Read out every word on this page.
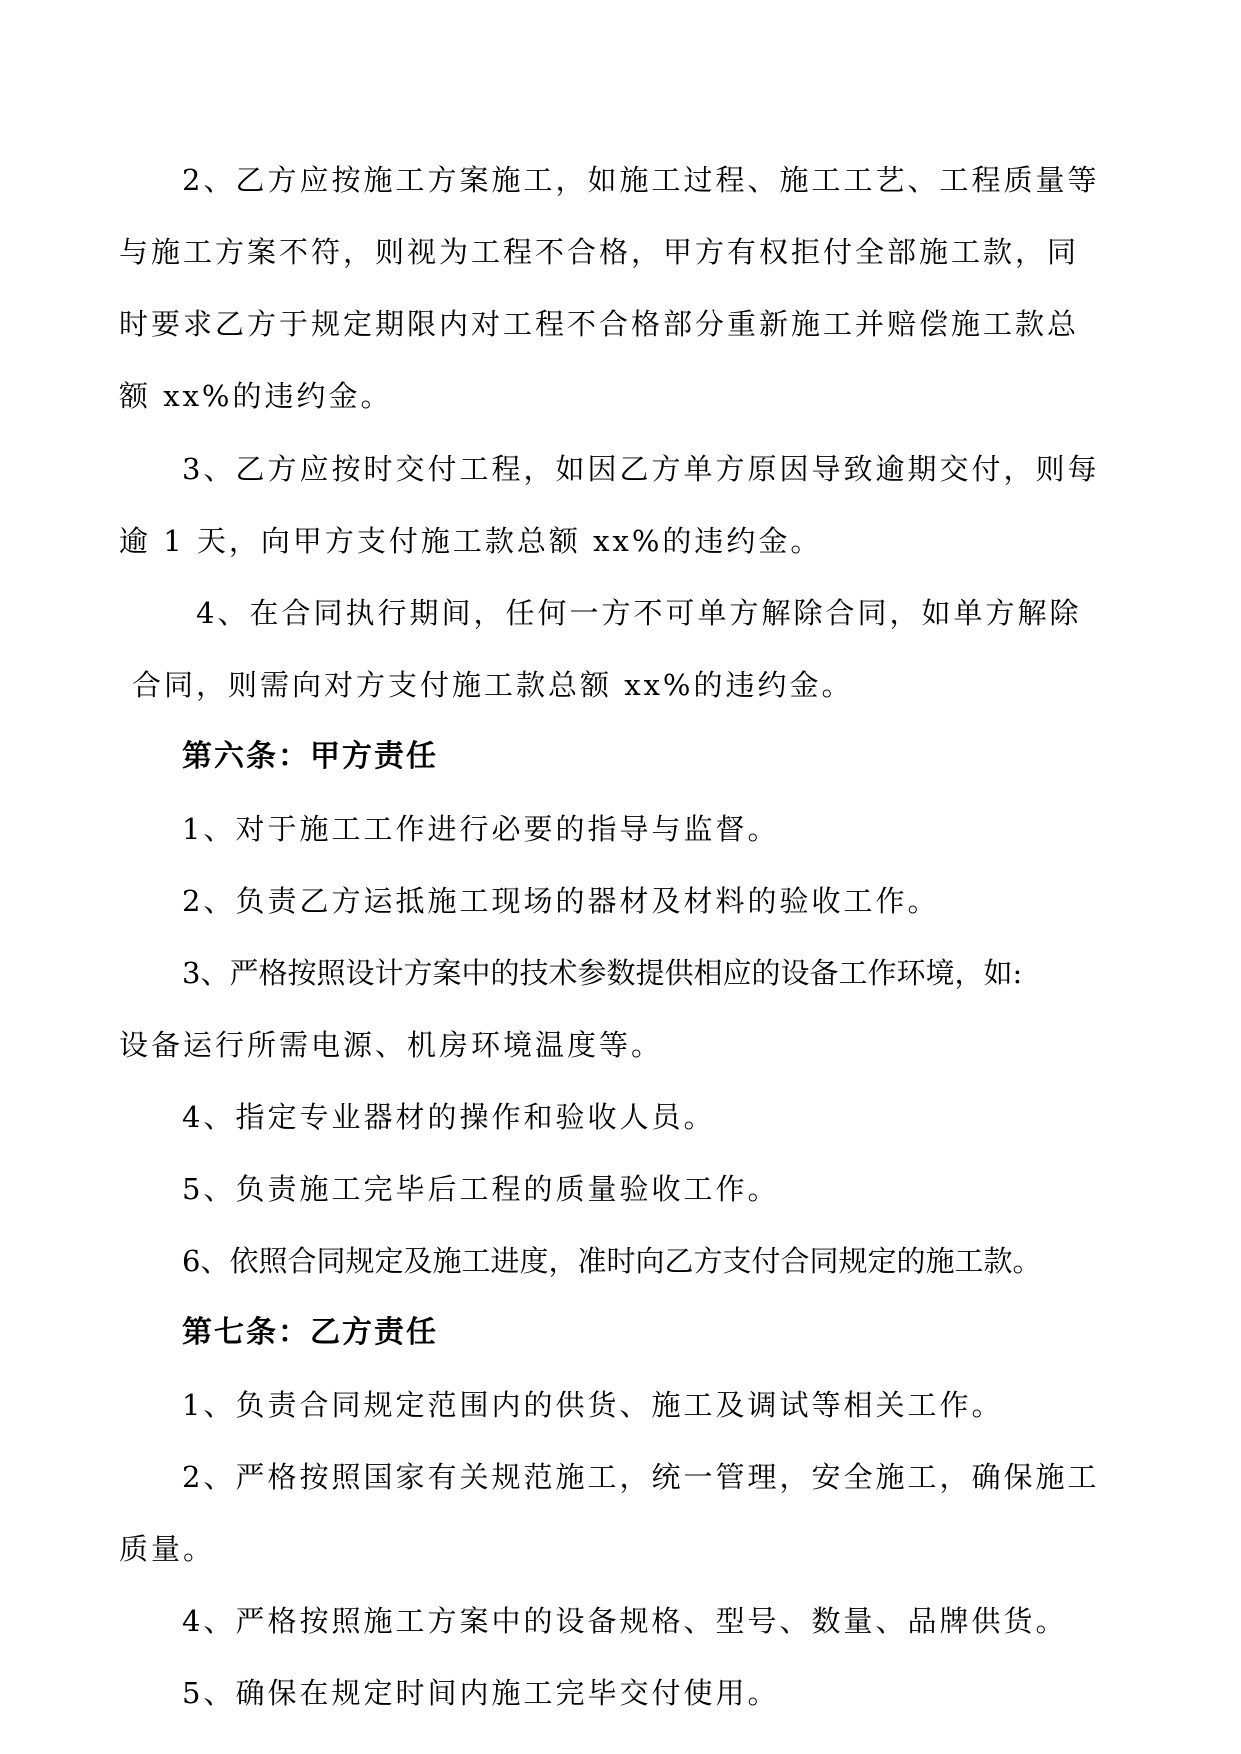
2、乙方应按施工方案施工，如施工过程、施工工艺、工程质量等
与施工方案不符，则视为工程不合格，甲方有权拒付全部施工款，同
时要求乙方于规定期限内对工程不合格部分重新施工并赔偿施工款总
额 xx%的违约金。
3、乙方应按时交付工程，如因乙方单方原因导致逾期交付，则每
逾 1 天，向甲方支付施工款总额 xx%的违约金。
4、在合同执行期间，任何一方不可单方解除合同，如单方解除
合同，则需向对方支付施工款总额 xx%的违约金。
第六条：甲方责任
1、对于施工工作进行必要的指导与监督。
2、负责乙方运抵施工现场的器材及材料的验收工作。
3、严格按照设计方案中的技术参数提供相应的设备工作环境，如:
设备运行所需电源、机房环境温度等。
4、指定专业器材的操作和验收人员。
5、负责施工完毕后工程的质量验收工作。
6、依照合同规定及施工进度，准时向乙方支付合同规定的施工款。
第七条：乙方责任
1、负责合同规定范围内的供货、施工及调试等相关工作。
2、严格按照国家有关规范施工，统一管理，安全施工，确保施工
质量。
4、严格按照施工方案中的设备规格、型号、数量、品牌供货。
5、确保在规定时间内施工完毕交付使用。
